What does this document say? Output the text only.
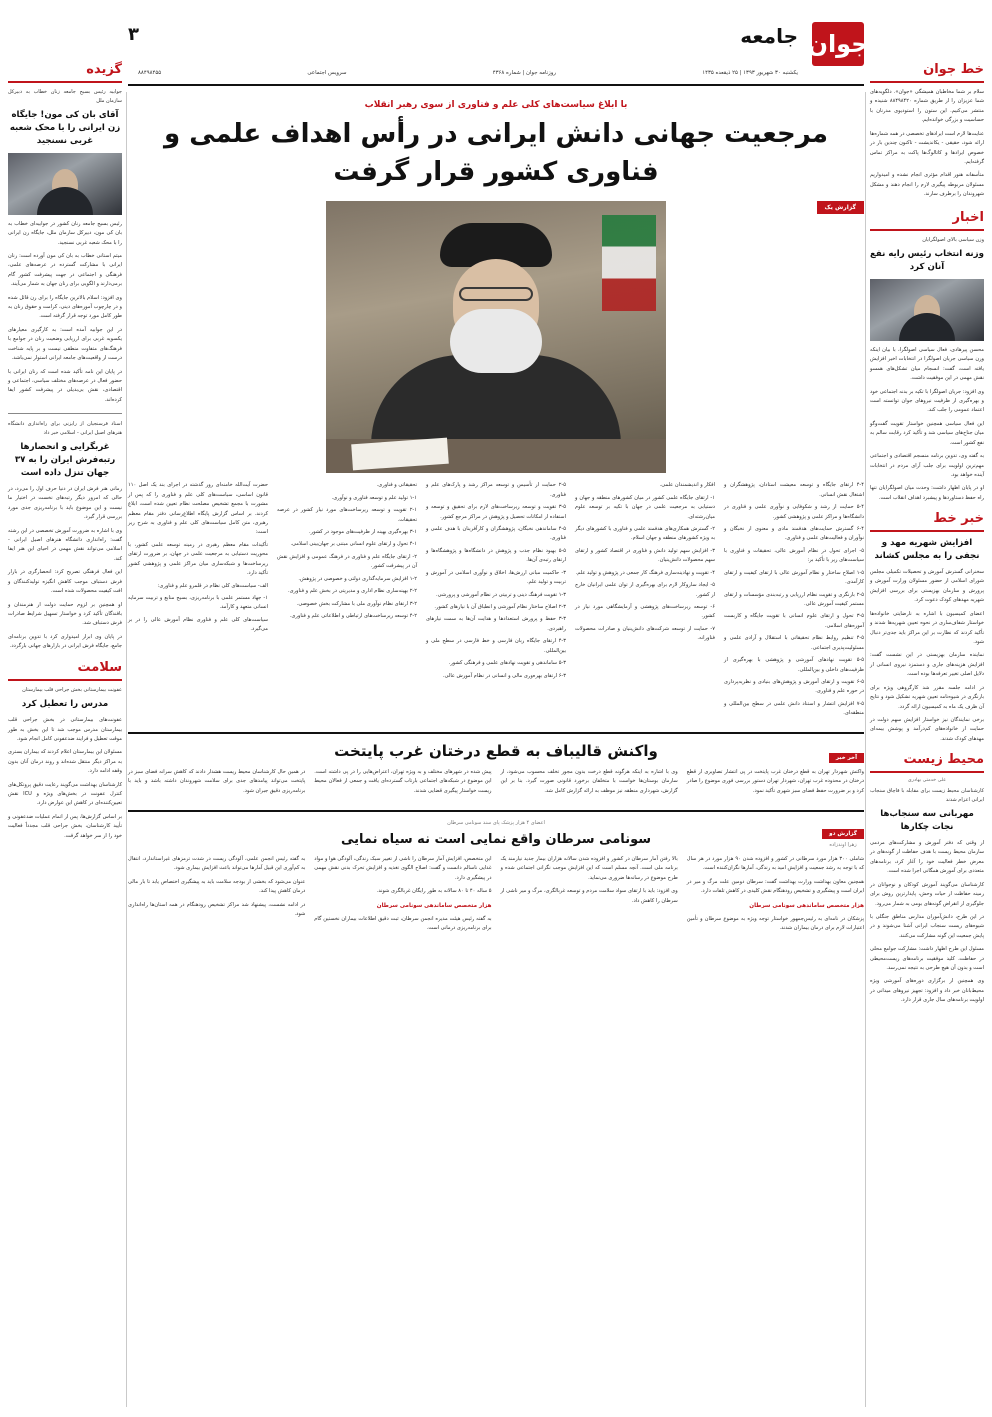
جوان
جامعه
۳
یکشنبه ۳۰ شهریور ۱۳۹۳ | ۲۵ ذیقعده ۱۴۳۵
روزنامه جوان | شماره ۴۳۶۸
سرویس اجتماعی
۸۸۴۹۸۴۵۵	خط جوان

سلام بر شما مخاطبان همیشگی «جوان». دلگویه‌های شما عزیزان را از طریق شماره ۸۸۴۹۸۴۲۰ شنیده و منتشر می‌کنیم. این ستون را استودیوی مدرنان با حساسیت و بزرگی خوانده‌ایم.

عنایت‌ها لازم است ایرادهای تخصصی در همه شماره‌ها ارائه شود، حقیقی - یکاندیشت - تاکنون چندین بار در خصوص ایرادها و کاتالوگ‌ها پاکت به مراکز تماس گرفته‌ایم.

متأسفانه هنوز اقدام مؤثری انجام نشده و امیدواریم مسئولان مربوطه پیگیری لازم را انجام دهند و مشکل شهروندان را برطرف سازند.

اخبار
وزن سیاسی بالای اصولگرایان
وزنه انتخاب رئیس رایه نفع آنان کرد

محسن پیرهادی، فعال سیاسی اصولگرا، با بیان اینکه وزن سیاسی جریان اصولگرا در انتخابات اخیر افزایش یافته است، گفت: انسجام میان تشکل‌های همسو نقش مهمی در این موفقیت داشت.

وی افزود: جریان اصولگرا با تکیه بر بدنه اجتماعی خود و بهره‌گیری از ظرفیت نیروهای جوان توانسته است اعتماد عمومی را جلب کند.

این فعال سیاسی همچنین خواستار تقویت گفت‌وگو میان جناح‌های سیاسی شد و تأکید کرد رقابت سالم به نفع کشور است.

به گفته وی، تدوین برنامه منسجم اقتصادی و اجتماعی مهم‌ترین اولویت برای جلب آرای مردم در انتخابات آینده خواهد بود.

او در پایان اظهار داشت: وحدت میان اصولگرایان تنها راه حفظ دستاوردها و پیشبرد اهداف انقلاب است.

خبر خط
افزایش شهریه مهد و نجفی را به مجلس کشاند

سخنرانی گسترش آموزش و تحصیلات تکمیلی مجلس شورای اسلامی از حضور مسئولان وزارت آموزش و پرورش و سازمان بهزیستی برای بررسی افزایش شهریه مهدهای کودک دعوت کرد.

اعضای کمیسیون با اشاره به نارضایتی خانواده‌ها خواستار شفاف‌سازی در نحوه تعیین شهریه‌ها شدند و تأکید کردند که نظارت بر این مراکز باید جدی‌تر دنبال شود.

نماینده سازمان بهزیستی در این نشست گفت: افزایش هزینه‌های جاری و دستمزد نیروی انسانی از دلایل اصلی تغییر تعرفه‌ها بوده است.

در ادامه جلسه مقرر شد کارگروهی ویژه برای بازنگری در شیوه‌نامه تعیین شهریه تشکیل شود و نتایج آن ظرف یک ماه به کمیسیون ارائه گردد.

برخی نمایندگان نیز خواستار افزایش سهم دولت در حمایت از خانواده‌های کم‌درآمد و پوشش بیمه‌ای مهدهای کودک شدند.

محیط زیست
علی خدمتی بهادری
کارشناسان محیط زیست برای مقابله با قاچاق سنجاب ایرانی اعزام شدند
مهربانی سه سنجاب‌ها نجات چکارها

از وقتی که دفتر آموزش و مشارکت‌های مردمی سازمان محیط زیست با هدف حفاظت از گونه‌های در معرض خطر فعالیت خود را آغاز کرد، برنامه‌های متعددی برای آموزش همگانی اجرا شده است.

کارشناسان می‌گویند آموزش کودکان و نوجوانان در زمینه حفاظت از حیات وحش، پایدارترین روش برای جلوگیری از انقراض گونه‌های بومی به شمار می‌رود.

در این طرح، دانش‌آموزان مدارس مناطق جنگلی با شیوه‌های زیست سنجاب ایرانی آشنا می‌شوند و در پایش جمعیت این گونه مشارکت می‌کنند.

مسئول این طرح اظهار داشت: مشارکت جوامع محلی در حفاظت، کلید موفقیت برنامه‌های زیست‌محیطی است و بدون آن هیچ طرحی به نتیجه نمی‌رسد.

وی همچنین از برگزاری دوره‌های آموزشی ویژه محیط‌بانان خبر داد و افزود: تجهیز نیروهای میدانی در اولویت برنامه‌های سال جاری قرار دارد.

گزیده
جوابیه رئیس بسیج جامعه زنان خطاب به دبیرکل سازمان ملل
آقای بان کی مون! جایگاه زن ایرانی را با محک شعبه غربی نسنجید

رئیس بسیج جامعه زنان کشور در جوابیه‌ای خطاب به بان کی مون، دبیرکل سازمان ملل، جایگاه زن ایرانی را با محک شعبه غربی نسنجید.

میثم استانی خطاب به بان کی مون آورده است: زنان ایرانی با مشارکت گسترده در عرصه‌های علمی، فرهنگی و اجتماعی در جهت پیشرفت کشور گام برمی‌دارند و الگویی برای زنان جهان به شمار می‌آیند.

وی افزود: اسلام بالاترین جایگاه را برای زن قائل شده و در چارچوب آموزه‌های دینی، کرامت و حقوق زنان به طور کامل مورد توجه قرار گرفته است.

در این جوابیه آمده است: به کارگیری معیارهای یکسویه غربی برای ارزیابی وضعیت زنان در جوامع با فرهنگ‌های متفاوت منطقی نیست و بر پایه شناخت درست از واقعیت‌های جامعه ایرانی استوار نمی‌باشد.

در پایان این نامه تأکید شده است که زنان ایرانی با حضور فعال در عرصه‌های مختلف سیاسی، اجتماعی و اقتصادی، نقش بی‌بدیلی در پیشرفت کشور ایفا کرده‌اند.

اسناد فرسنجیان از رایزنی برای راه‌اندازی دانشگاه هنرهای اصیل ایرانی - اسلامی خبر داد
غربگرایی و انحصارها رتبه‌فرش ایران را به ۳۷ جهان تنزل داده است

زمانی هنر فرش ایران در دنیا حرف اول را می‌زد، در حالی که امروز دیگر رتبه‌های نخست در اختیار ما نیست و این موضوع باید با برنامه‌ریزی جدی مورد بررسی قرار گیرد.

وی با اشاره به ضرورت آموزش تخصصی در این رشته گفت: راه‌اندازی دانشگاه هنرهای اصیل ایرانی - اسلامی می‌تواند نقش مهمی در احیای این هنر ایفا کند.

این فعال فرهنگی تصریح کرد: انحصارگری در بازار فرش دستباف موجب کاهش انگیزه تولیدکنندگان و افت کیفیت محصولات شده است.

او همچنین بر لزوم حمایت دولت از هنرمندان و بافندگان تأکید کرد و خواستار تسهیل شرایط صادرات فرش دستباف شد.

در پایان وی ابراز امیدواری کرد با تدوین برنامه‌ای جامع، جایگاه فرش ایرانی در بازارهای جهانی بازگردد.

سلامت
عفونت بیمارستانی بخش جراحی قلب بیمارستان
مدرس را تعطیل کرد

عفونت‌های بیمارستانی در بخش جراحی قلب بیمارستان مدرس موجب شد تا این بخش به طور موقت تعطیل و فرایند ضدعفونی کامل انجام شود.

مسئولان این بیمارستان اعلام کردند که بیماران بستری به مراکز دیگر منتقل شده‌اند و روند درمان آنان بدون وقفه ادامه دارد.

کارشناسان بهداشت می‌گویند رعایت دقیق پروتکل‌های کنترل عفونت در بخش‌های ویژه و ICU نقش تعیین‌کننده‌ای در کاهش این عوارض دارد.

بر اساس گزارش‌ها، پس از اتمام عملیات ضدعفونی و تأیید کارشناسان، بخش جراحی قلب مجدداً فعالیت خود را از سر خواهد گرفت.

با ابلاغ سیاست‌های کلی علم و فناوری از سوی رهبر انقلاب
مرجعیت جهانی دانش ایرانی در رأس اهداف علمی و فناوری کشور قرار گرفت
گزارش یک

۴-۴ ارتقای جایگاه و توسعه معیشت استادان، پژوهشگران و اشتغال نقش انسانی.

۵-۴ حمایت از رشد و شکوفایی و نوآوری علمی و فناوری در دانشگاه‌ها و مراکز علمی و پژوهشی کشور.

۶-۴ گسترش حمایت‌های هدفمند مادی و معنوی از نخبگان و نوآوران و فعالیت‌های علمی و فناوری.

۵- اجرای تحول در نظام آموزش عالی، تحقیقات و فناوری با سیاست‌های زیر با تأکید بر:

۱-۵ اصلاح ساختار و نظام آموزش عالی با ارتقای کیفیت و ارتقای کارآمدی.

۲-۵ بازنگری و تقویت نظام ارزیابی و رتبه‌بندی مؤسسات و ارتقای مستمر کیفیت آموزش عالی.

۳-۵ تحول و ارتقای علوم انسانی با تقویت جایگاه و کاربست آموزه‌های اسلامی.

۴-۵ تنظیم روابط نظام تحقیقاتی با استقلال و آزادی علمی و مسئولیت‌پذیری اجتماعی.

۵-۵ تقویت نهادهای آموزشی و پژوهشی با بهره‌گیری از ظرفیت‌های داخلی و بین‌المللی.

۶-۵ تقویت و ارتقای آموزش و پژوهش‌های بنیادی و نظریه‌پردازی در حوزه علم و فناوری.

۷-۵ افزایش انتشار و استناد دانش علمی در سطح بین‌المللی و منطقه‌ای.

افکار و اندیشمندان علمی.

۱- ارتقای جایگاه علمی کشور در میان کشورهای منطقه و جهان و دستیابی به مرجعیت علمی در جهان با تکیه بر توسعه علوم میان‌رشته‌ای.

۲- گسترش همکاری‌های هدفمند علمی و فناوری با کشورهای دیگر به ویژه کشورهای منطقه و جهان اسلام.

۳- افزایش سهم تولید دانش و فناوری در اقتصاد کشور و ارتقای سهم محصولات دانش‌بنیان.

۴- تقویت و نهادینه‌سازی فرهنگ کار جمعی در پژوهش و تولید علم.

۵- ایجاد سازوکار لازم برای بهره‌گیری از توان علمی ایرانیان خارج از کشور.

۶- توسعه زیرساخت‌های پژوهشی و آزمایشگاهی مورد نیاز در کشور.

۷- حمایت از توسعه شرکت‌های دانش‌بنیان و صادرات محصولات فناورانه.

۲-۵ حمایت از تأسیس و توسعه مراکز رشد و پارک‌های علم و فناوری.

۳-۵ تقویت و توسعه زیرساخت‌های لازم برای تحقیق و توسعه و استفاده از امکانات تحصیل و پژوهش در مراکز مرجع کشور.

۴-۵ ساماندهی نخبگان، پژوهشگران و کارآفرینان با هدف علمی و فناوری.

۵-۵ بهبود نظام جذب و پژوهش در دانشگاه‌ها و پژوهشگاه‌ها و ارتقای رتبه‌ی آن‌ها.

۳- حاکمیت مبانی ارزش‌ها، اخلاق و نوآوری اسلامی در آموزش و تربیت و تولید علم.

۱-۳ تقویت فرهنگ دینی و تربیتی در نظام آموزشی و پرورشی.

۲-۳ اصلاح ساختار نظام آموزشی و انطباق آن با نیازهای کشور.

۳-۳ حفظ و پرورش استعدادها و هدایت آن‌ها به سمت نیازهای راهبردی.

۴-۳ ارتقای جایگاه زبان فارسی و خط فارسی در سطح ملی و بین‌المللی.

۵-۳ ساماندهی و تقویت نهادهای علمی و فرهنگی کشور.

۶-۳ ارتقای بهره‌وری مالی و انسانی در نظام آموزش عالی.

تحقیقاتی و فناوری.

۱-۱ تولید علم و توسعه فناوری و نوآوری.

۲-۱ تقویت و توسعه زیرساخت‌های مورد نیاز کشور در عرصه تحقیقات.

۳-۱ بهره‌گیری بهینه از ظرفیت‌های موجود در کشور.

۴-۱ تحول و ارتقای علوم انسانی مبتنی بر جهان‌بینی اسلامی.

۲- ارتقای جایگاه علم و فناوری در فرهنگ عمومی و افزایش نقش آن در پیشرفت کشور.

۱-۲ افزایش سرمایه‌گذاری دولتی و خصوصی در پژوهش.

۲-۲ بهینه‌سازی نظام اداری و مدیریتی در بخش علم و فناوری.

۳-۲ ارتقای نظام نوآوری ملی با مشارکت بخش خصوصی.

۴-۲ توسعه زیرساخت‌های ارتباطی و اطلاعاتی علم و فناوری.

حضرت آیت‌الله خامنه‌ای روز گذشته در اجرای بند یک اصل ۱۱۰ قانون اساسی، سیاست‌های کلی علم و فناوری را که پس از مشورت با مجمع تشخیص مصلحت نظام تعیین شده است، ابلاغ کردند. بر اساس گزارش پایگاه اطلاع‌رسانی دفتر مقام معظم رهبری، متن کامل سیاست‌های کلی علم و فناوری به شرح زیر است:

تأکیدات مقام معظم رهبری در زمینه توسعه علمی کشور، با محوریت دستیابی به مرجعیت علمی در جهان، بر ضرورت ارتقای زیرساخت‌ها و شبکه‌سازی میان مراکز علمی و پژوهشی کشور تأکید دارد.

الف- سیاست‌های کلی نظام در قلمرو علم و فناوری:

۱- جهاد مستمر علمی با برنامه‌ریزی، بسیج منابع و تربیت سرمایه انسانی متعهد و کارآمد.

سیاست‌های کلی علم و فناوری نظام آموزش عالی را در بر می‌گیرد.

واکنش قالیباف به قطع درختان غرب پایتخت	آخر خبر

واکنش شهردار تهران به قطع درختان غرب پایتخت در پی انتشار تصاویری از قطع درختان در محدوده غرب تهران، شهردار تهران دستور بررسی فوری موضوع را صادر کرد و بر ضرورت حفظ فضای سبز شهری تأکید نمود.

وی با اشاره به اینکه هرگونه قطع درخت بدون مجوز تخلف محسوب می‌شود، از سازمان بوستان‌ها خواست با متخلفان برخورد قانونی صورت گیرد. بنا بر این گزارش، شهرداری منطقه نیز موظف به ارائه گزارش کامل شد.

پیش شده در شهرهای مختلف و به ویژه تهران، اعتراض‌هایی را در پی داشته است. این موضوع در شبکه‌های اجتماعی بازتاب گسترده‌ای یافت و جمعی از فعالان محیط زیست خواستار پیگیری قضایی شدند.

در همین حال کارشناسان محیط زیست هشدار دادند که کاهش سرانه فضای سبز در پایتخت می‌تواند پیامدهای جدی برای سلامت شهروندان داشته باشد و باید با برنامه‌ریزی دقیق جبران شود.

اعضای ۴ هزار پزشک پای سند سونامی سرطان
سونامی سرطان واقع نمایی است نه سیاه نمایی	گزارش دو
زهرا اوندزاده

شاملی ۳۰۰ هزار مورد سرطانی در کشور و افزوده شدن ۹۰ هزار مورد در هر سال که با توجه به رشد جمعیت و افزایش امید به زندگی، آمارها نگران‌کننده است.

همچنین معاون بهداشت وزارت بهداشت گفت: سرطان دومین علت مرگ و میر در ایران است و پیشگیری و تشخیص زودهنگام نقش کلیدی در کاهش تلفات دارد.

هزار متخصص ساماندهی سونامی سرطان

پزشکان در نامه‌ای به رئیس‌جمهور خواستار توجه ویژه به موضوع سرطان و تأمین اعتبارات لازم برای درمان بیماران شدند.

بالا رفتن آمار سرطان در کشور و افزوده شدن سالانه هزاران بیمار جدید نیازمند یک برنامه ملی است. آنچه مسلم است که این افزایش موجب نگرانی اجتماعی شده و طرح موضوع در رسانه‌ها ضروری می‌نماید.

وی افزود: باید با ارتقای سواد سلامت مردم و توسعه غربالگری، مرگ و میر ناشی از سرطان را کاهش داد.

این متخصص، افزایش آمار سرطان را ناشی از تغییر سبک زندگی، آلودگی هوا و مواد غذایی ناسالم دانست و گفت: اصلاح الگوی تغذیه و افزایش تحرک بدنی نقش مهمی در پیشگیری دارد.

۵ ساله ۴۰ تا ۸۰ سالانه به طور رایگان غربالگری شوند.

هزار متخصص ساماندهی سونامی سرطان

به گفته رئیس هیئت مدیره انجمن سرطان، ثبت دقیق اطلاعات بیماران نخستین گام برای برنامه‌ریزی درمانی است.

به گفته رئیس انجمن علمی، آلودگی زیست در شدت ترمزهای غیراستاندارد، انتقال به کم‌آوری این قبیل آمارها می‌تواند باعث افزایش بیماری شود.

عنوان می‌شود که بخشی از بودجه سلامت باید به پیشگیری اختصاص یابد تا بار مالی درمان کاهش پیدا کند.

در ادامه نشست، پیشنهاد شد مراکز تشخیص زودهنگام در همه استان‌ها راه‌اندازی شود.
